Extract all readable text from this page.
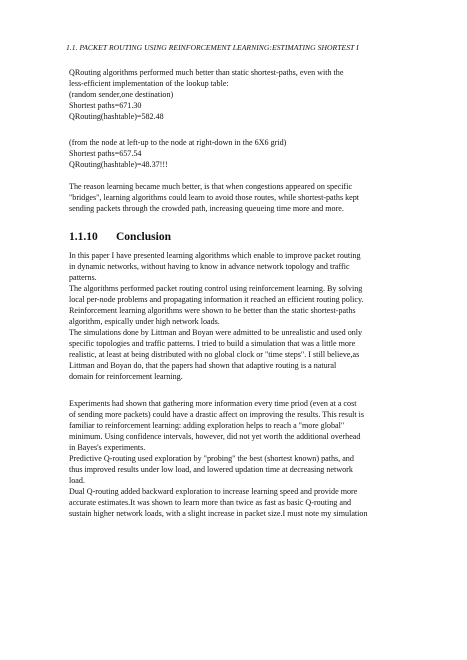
1.1. PACKET ROUTING USING REINFORCEMENT LEARNING:ESTIMATING SHORTEST I
QRouting algorithms performed much better than static shortest-paths, even with the
less-efficient implementation of the lookup table:
(random sender,one destination)
Shortest paths=671.30
QRouting(hashtable)=582.48
(from the node at left-up to the node at right-down in the 6X6 grid)
Shortest paths=657.54
QRouting(hashtable)=48.37!!!
The reason learning became much better, is that when congestions appeared on specific
"bridges", learning algorithms could learn to avoid those routes, while shortest-paths kept
sending packets through the crowded path, increasing queueing time more and more.
1.1.10 Conclusion
In this paper I have presented learning algorithms which enable to improve packet routing
in dynamic networks, without having to know in advance network topology and traffic
patterns.
The algorithms performed packet routing control using reinforcement learning. By solving
local per-node problems and propagating information it reached an efficient routing policy.
Reinforcement learning algorithms were shown to be better than the static shortest-paths
algorithm, espically under high network loads.
The simulations done by Littman and Boyan were admitted to be unrealistic and used only
specific topologies and traffic patterns. I tried to build a simulation that was a little more
realistic, at least at being distributed with no global clock or "time steps". I still believe,as
Littman and Boyan do, that the papers had shown that adaptive routing is a natural
domain for reinforcement learning.
Experiments had shown that gathering more information every time priod (even at a cost
of sending more packets) could have a drastic affect on improving the results. This result is
familiar to reinforcement learning: adding exploration helps to reach a "more global"
minimum. Using confidence intervals, however, did not yet worth the additional overhead
in Bayes's experiments.
Predictive Q-routing used exploration by "probing" the best (shortest known) paths, and
thus improved results under low load, and lowered updation time at decreasing network
load.
Dual Q-routing added backward exploration to increase learning speed and provide more
accurate estimates.It was shown to learn more than twice as fast as basic Q-routing and
sustain higher network loads, with a slight increase in packet size.I must note my simulation
